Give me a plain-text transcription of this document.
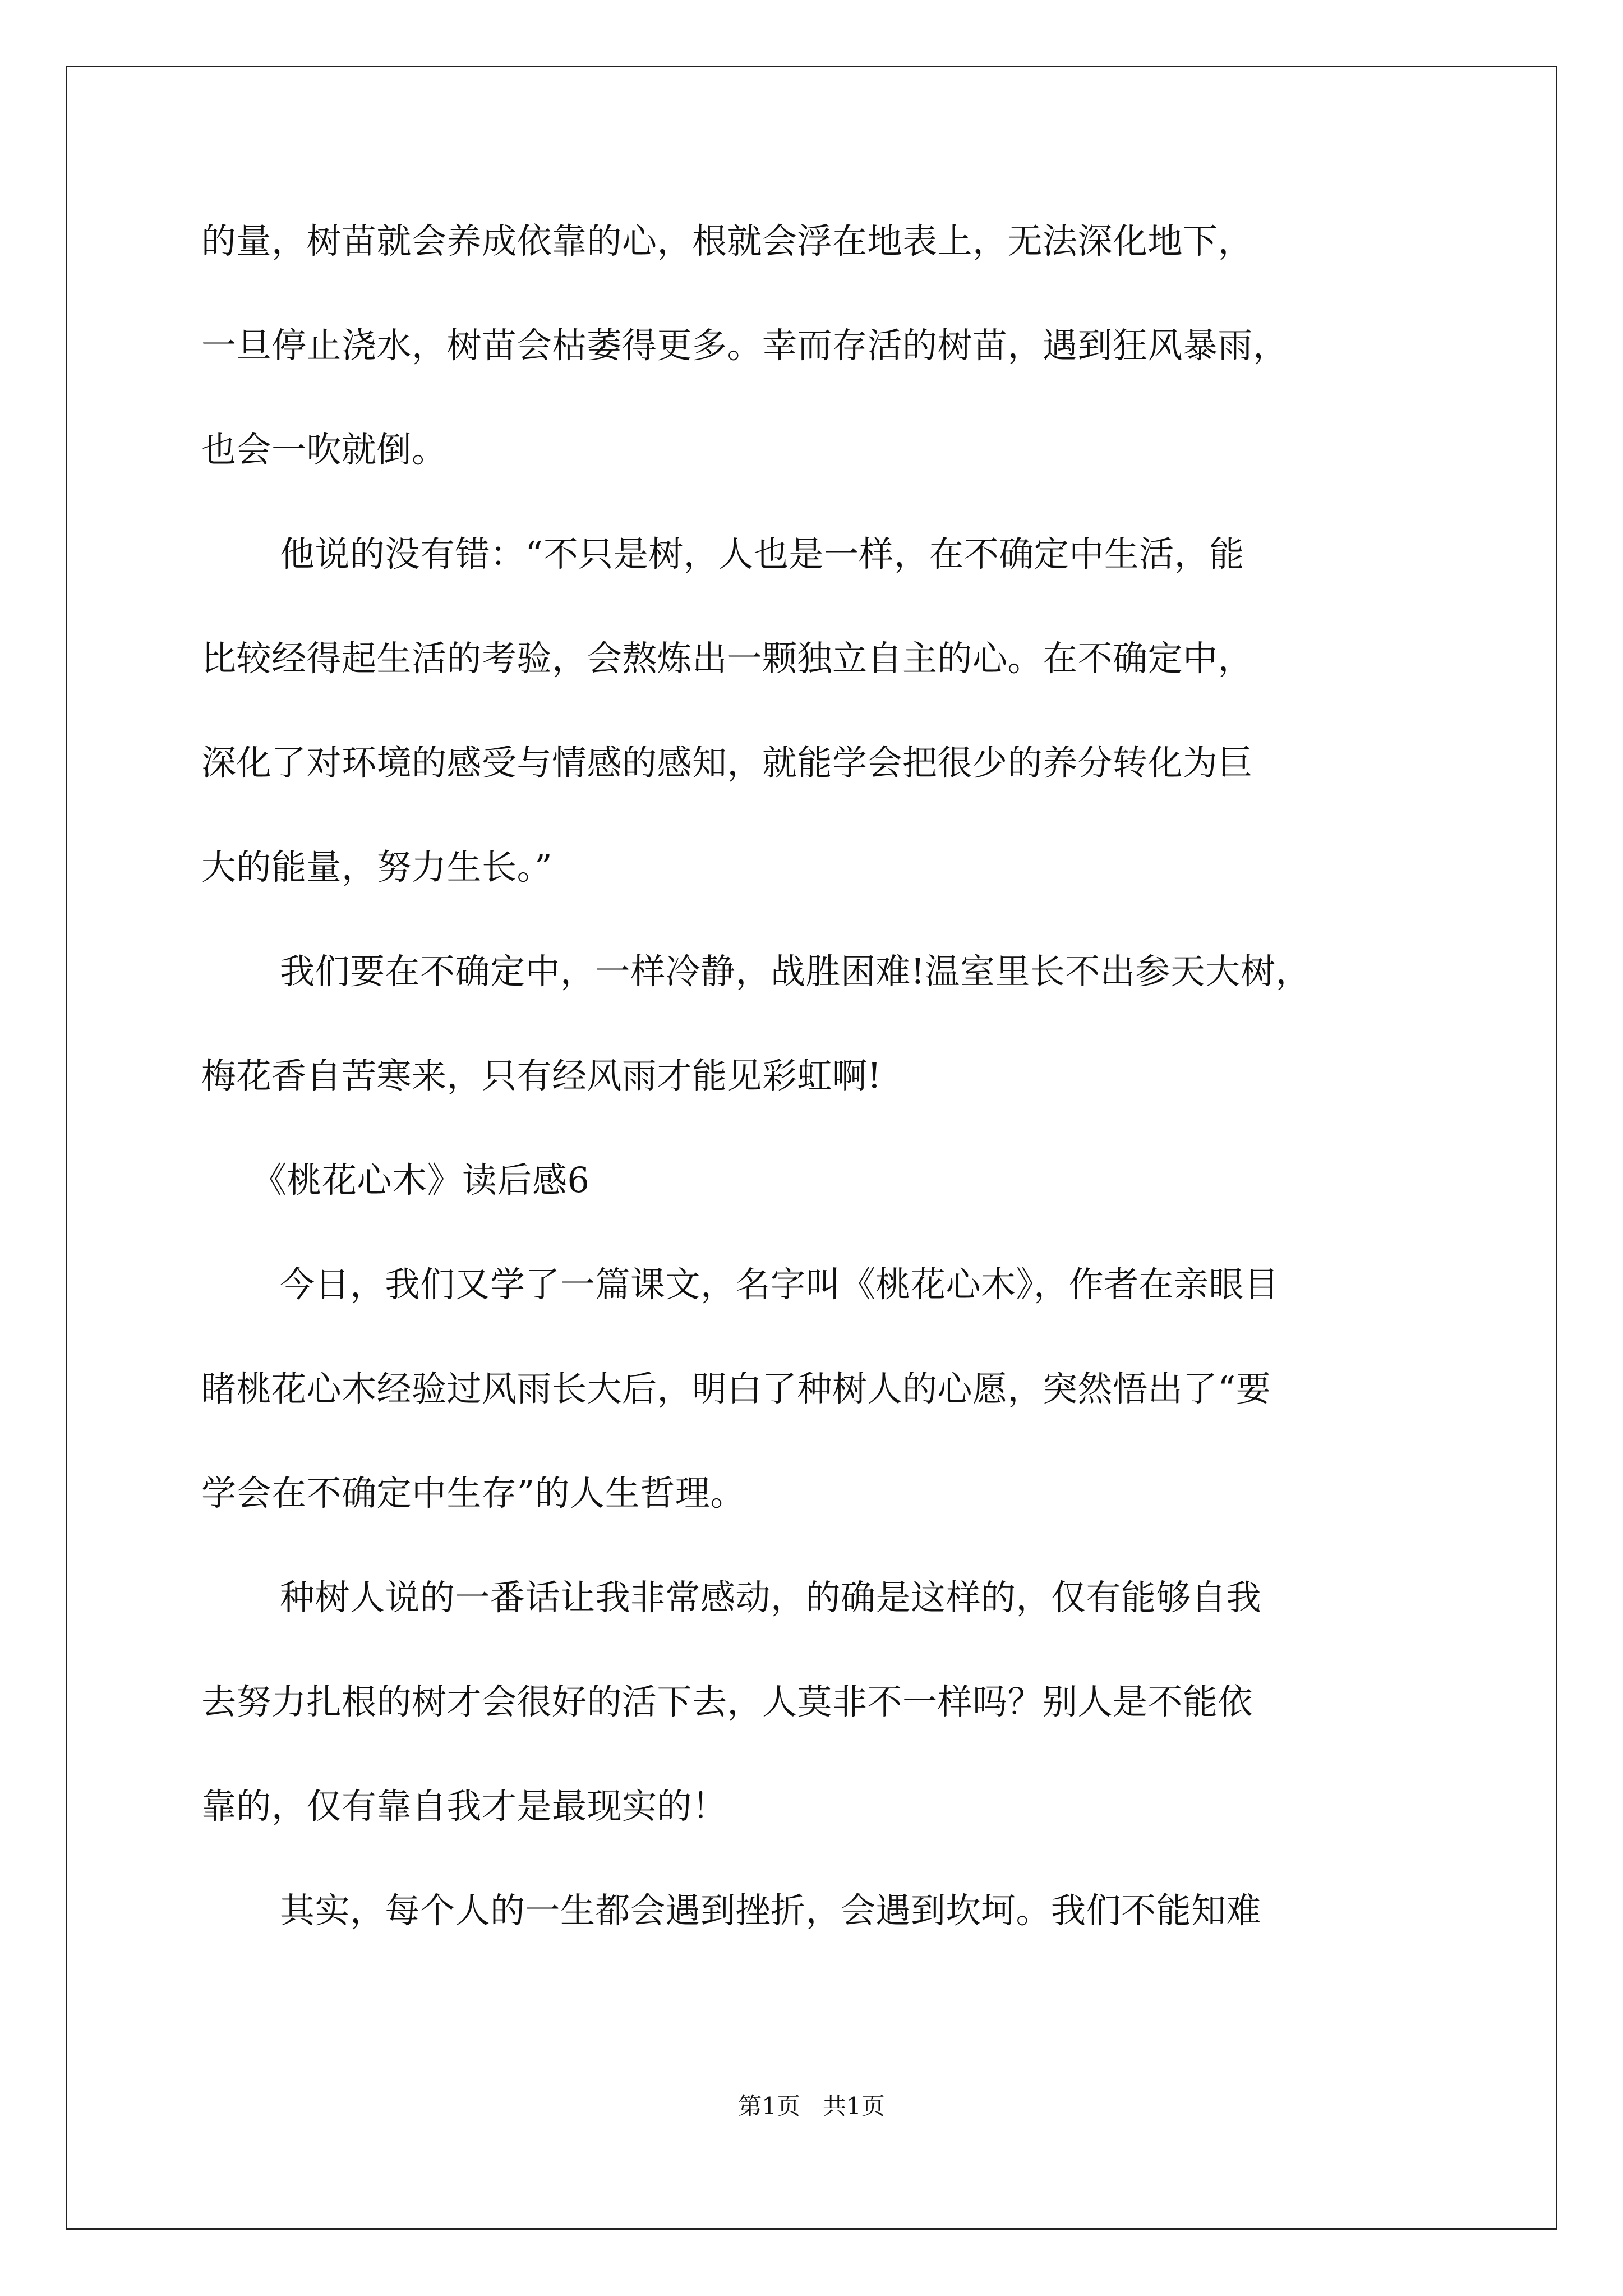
的量，树苗就会养成依靠的心，根就会浮在地表上，无法深化地下，
一旦停止浇水，树苗会枯萎得更多。幸而存活的树苗，遇到狂风暴雨，
也会一吹就倒。
他说的没有错：“不只是树，人也是一样，在不确定中生活，能
比较经得起生活的考验，会熬炼出一颗独立自主的心。在不确定中，
深化了对环境的感受与情感的感知，就能学会把很少的养分转化为巨
大的能量，努力生长。”
我们要在不确定中，一样冷静，战胜困难!温室里长不出参天大树，
梅花香自苦寒来，只有经风雨才能见彩虹啊!
《桃花心木》读后感6
今日，我们又学了一篇课文，名字叫《桃花心木》，作者在亲眼目
睹桃花心木经验过风雨长大后，明白了种树人的心愿，突然悟出了“要
学会在不确定中生存”的人生哲理。
种树人说的一番话让我非常感动，的确是这样的，仅有能够自我
去努力扎根的树才会很好的活下去，人莫非不一样吗？别人是不能依
靠的，仅有靠自我才是最现实的！
其实，每个人的一生都会遇到挫折，会遇到坎坷。我们不能知难
第1页   共1页
